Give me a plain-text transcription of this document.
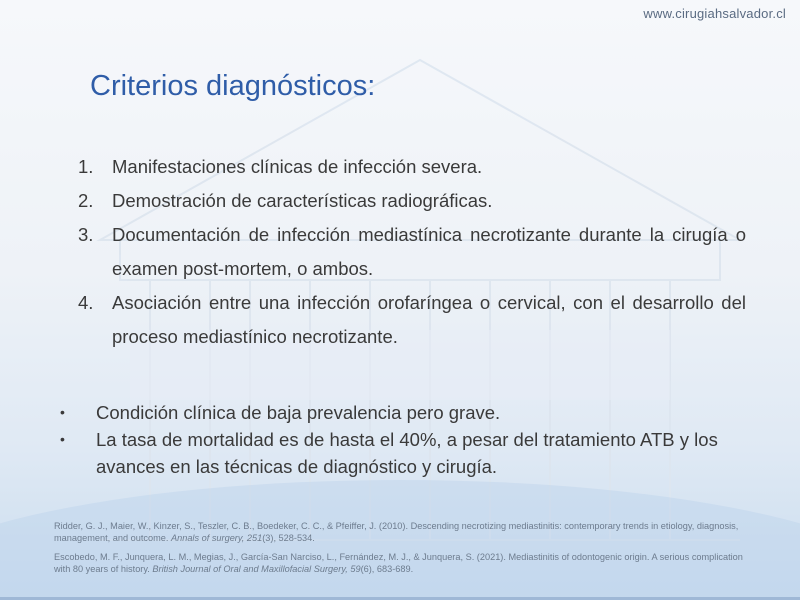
www.cirugiahsalvador.cl
Criterios diagnósticos:
1.	Manifestaciones clínicas de infección severa.
2.	Demostración de características radiográficas.
3.	Documentación de infección mediastínica necrotizante durante la cirugía o examen post-mortem, o ambos.
4.	Asociación entre una infección orofaríngea o cervical, con el desarrollo del proceso mediastínico necrotizante.
•	Condición clínica de baja prevalencia pero grave.
•	La tasa de mortalidad es de hasta el 40%, a pesar del tratamiento ATB y los avances en las técnicas de diagnóstico y cirugía.

Ridder, G. J., Maier, W., Kinzer, S., Teszler, C. B., Boedeker, C. C., & Pfeiffer, J. (2010). Descending necrotizing mediastinitis: contemporary trends in etiology, diagnosis, management, and outcome. Annals of surgery, 251(3), 528-534.

Escobedo, M. F., Junquera, L. M., Megias, J., García-San Narciso, L., Fernández, M. J., & Junquera, S. (2021). Mediastinitis of odontogenic origin. A serious complication with 80 years of history. British Journal of Oral and Maxillofacial Surgery, 59(6), 683-689.
